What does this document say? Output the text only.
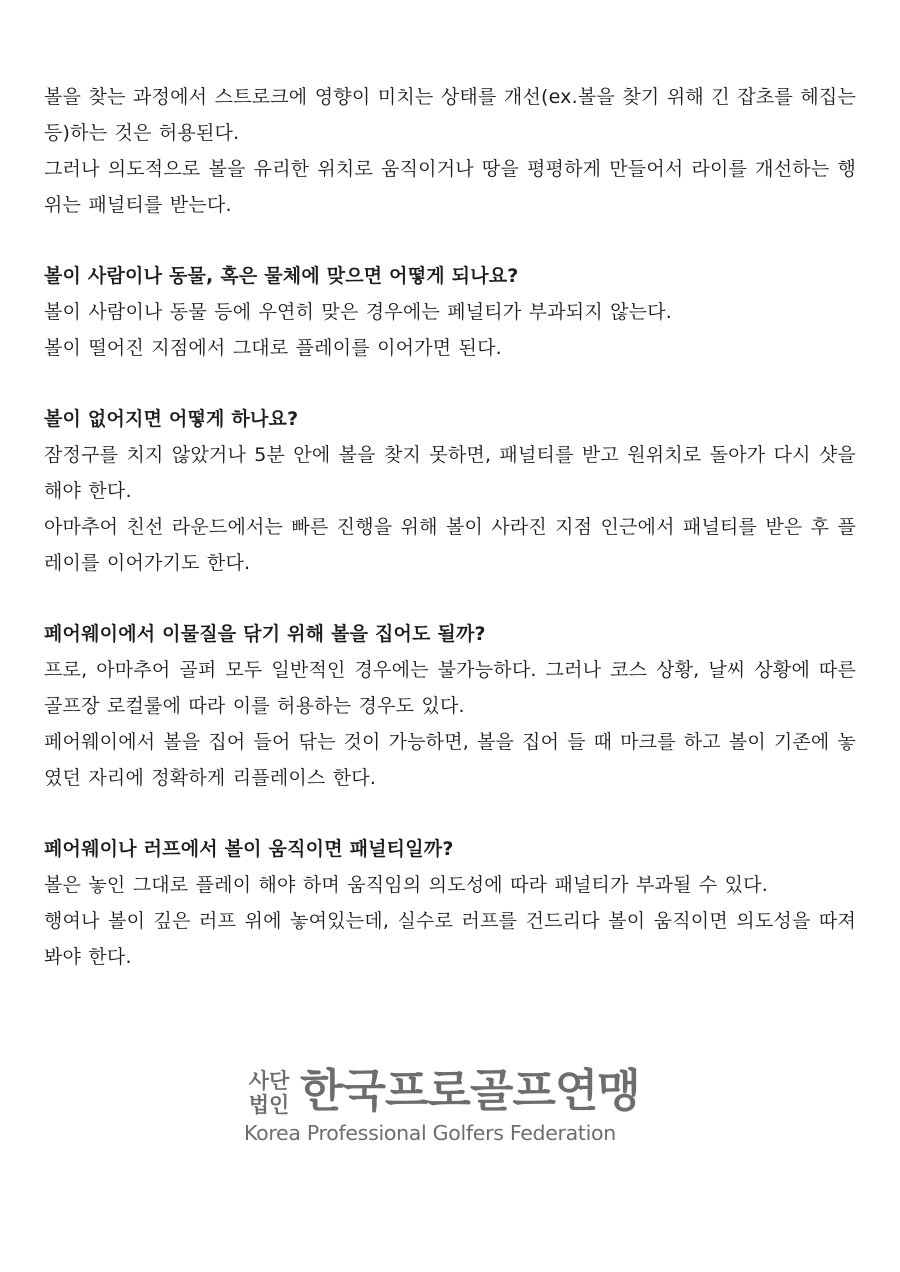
볼을 찾는 과정에서 스트로크에 영향이 미치는 상태를 개선(ex.볼을 찾기 위해 긴 잡초를 헤집는 등)하는 것은 허용된다.

그러나 의도적으로 볼을 유리한 위치로 움직이거나 땅을 평평하게 만들어서 라이를 개선하는 행위는 패널티를 받는다.

볼이 사람이나 동물, 혹은 물체에 맞으면 어떻게 되나요?

볼이 사람이나 동물 등에 우연히 맞은 경우에는 페널티가 부과되지 않는다.

볼이 떨어진 지점에서 그대로 플레이를 이어가면 된다.

볼이 없어지면 어떻게 하나요?

잠정구를 치지 않았거나 5분 안에 볼을 찾지 못하면, 패널티를 받고 원위치로 돌아가 다시 샷을 해야 한다.

아마추어 친선 라운드에서는 빠른 진행을 위해 볼이 사라진 지점 인근에서 패널티를 받은 후 플레이를 이어가기도 한다.

페어웨이에서 이물질을 닦기 위해 볼을 집어도 될까?

프로, 아마추어 골퍼 모두 일반적인 경우에는 불가능하다. 그러나 코스 상황, 날씨 상황에 따른 골프장 로컬룰에 따라 이를 허용하는 경우도 있다.

페어웨이에서 볼을 집어 들어 닦는 것이 가능하면, 볼을 집어 들 때 마크를 하고 볼이 기존에 놓였던 자리에 정확하게 리플레이스 한다.

페어웨이나 러프에서 볼이 움직이면 패널티일까?

볼은 놓인 그대로 플레이 해야 하며 움직임의 의도성에 따라 패널티가 부과될 수 있다.

행여나 볼이 깊은 러프 위에 놓여있는데, 실수로 러프를 건드리다 볼이 움직이면 의도성을 따져봐야 한다.

사단
법인 한국프로골프연맹
Korea Professional Golfers Federation
